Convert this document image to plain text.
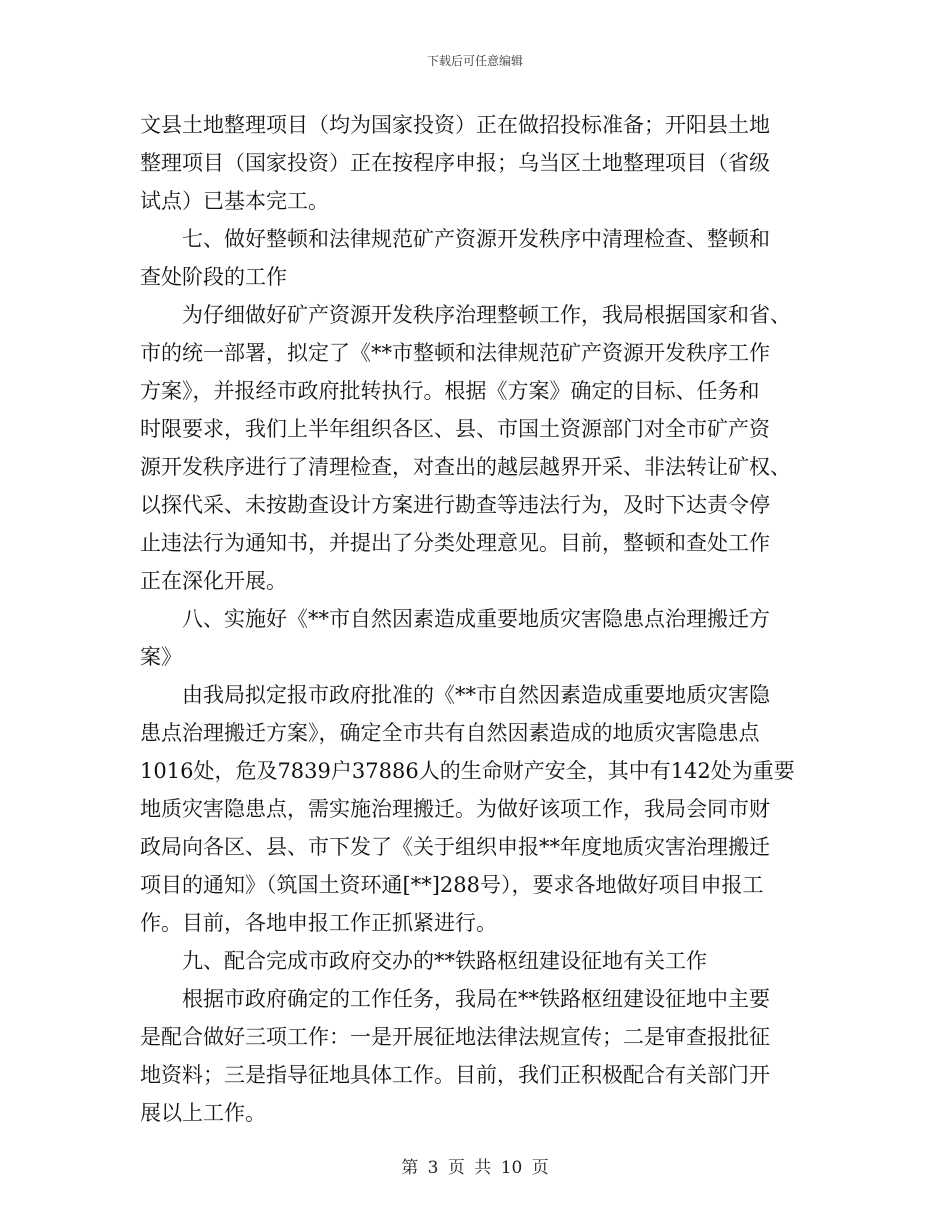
下载后可任意编辑
文县土地整理项目（均为国家投资）正在做招投标准备；开阳县土地
整理项目（国家投资）正在按程序申报；乌当区土地整理项目（省级
试点）已基本完工。
七、做好整顿和法律规范矿产资源开发秩序中清理检查、整顿和
查处阶段的工作
为仔细做好矿产资源开发秩序治理整顿工作，我局根据国家和省、
市的统一部署，拟定了《**市整顿和法律规范矿产资源开发秩序工作
方案》，并报经市政府批转执行。根据《方案》确定的目标、任务和
时限要求，我们上半年组织各区、县、市国土资源部门对全市矿产资
源开发秩序进行了清理检查，对查出的越层越界开采、非法转让矿权、
以探代采、未按勘查设计方案进行勘查等违法行为，及时下达责令停
止违法行为通知书，并提出了分类处理意见。目前，整顿和查处工作
正在深化开展。
八、实施好《**市自然因素造成重要地质灾害隐患点治理搬迁方
案》
由我局拟定报市政府批准的《**市自然因素造成重要地质灾害隐
患点治理搬迁方案》，确定全市共有自然因素造成的地质灾害隐患点
1016处，危及7839户37886人的生命财产安全，其中有142处为重要
地质灾害隐患点，需实施治理搬迁。为做好该项工作，我局会同市财
政局向各区、县、市下发了《关于组织申报**年度地质灾害治理搬迁
项目的通知》（筑国土资环通[**]288号），要求各地做好项目申报工
作。目前，各地申报工作正抓紧进行。
九、配合完成市政府交办的**铁路枢纽建设征地有关工作
根据市政府确定的工作任务，我局在**铁路枢纽建设征地中主要
是配合做好三项工作：一是开展征地法律法规宣传；二是审查报批征
地资料；三是指导征地具体工作。目前，我们正积极配合有关部门开
展以上工作。
第 3 页 共 10 页
